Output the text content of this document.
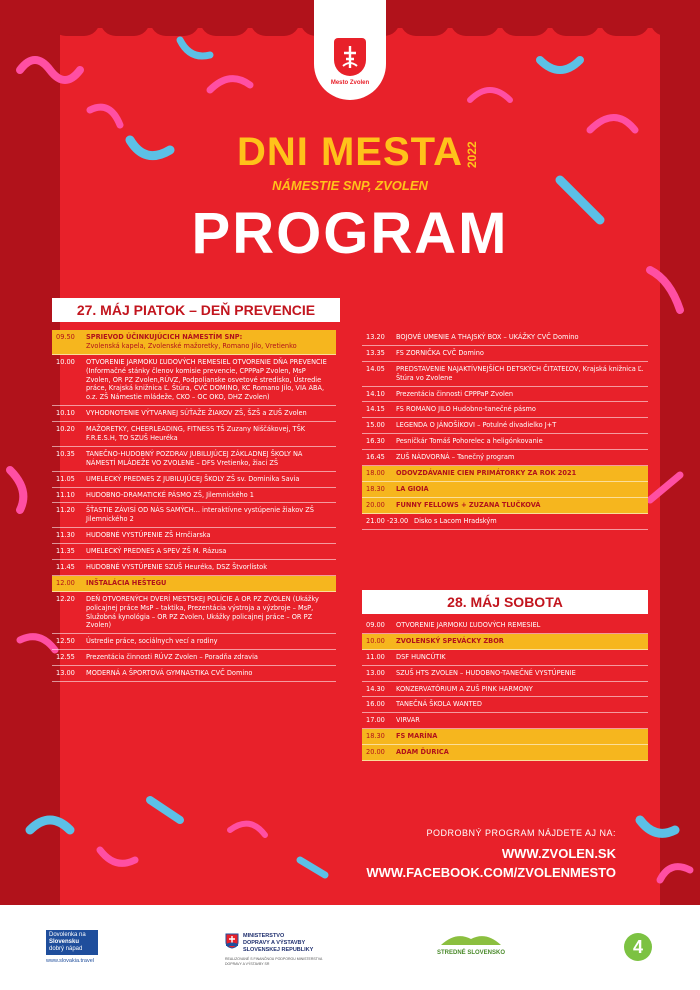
Mesto Zvolen
DNI MESTA 2022
NÁMESTIE SNP, ZVOLEN
PROGRAM
27. MÁJ PIATOK – DEŇ PREVENCIE
09.50	SPRIEVOD ÚČINKUJÚCICH NÁMESTÍM SNP:
Zvolenská kapela, Zvolenské mažoretky, Romano Jilo, Vretienko
10.00	OTVORENIE JARMOKU ĽUDOVÝCH REMESIEL OTVORENIE DŇA PREVENCIE (Informačné stánky členov komisie prevencie, CPPPaP Zvolen, MsP Zvolen, OR PZ Zvolen,RÚVZ, Podpolianske osvetové stredisko, Ústredie práce, Krajská knižnica Ľ. Štúra, CVČ DOMINO, KC Romano Jilo, VIA ABA, o.z. ZŠ Námestie mládeže, CKO – OC OKO, DHZ Zvolen)
10.10	VYHODNOTENIE VÝTVARNEJ SÚŤAŽE ŽIAKOV ZŠ, ŠZŠ a ZUŠ Zvolen
10.20	MAŽORETKY, CHEERLEADING, FITNESS TŠ Zuzany Niščákovej, TŠK F.R.E.S.H, TO SZUŠ Heuréka
10.35	TANEČNO-HUDOBNÝ POZDRAV JUBILUJÚCEJ ZÁKLADNEJ ŠKOLY NA NÁMESTÍ MLÁDEŽE VO ZVOLENE – DFS Vretienko, žiaci ZŠ
11.05	UMELECKÝ PREDNES Z JUBILUJÚCEJ ŠKOLY ZŠ sv. Dominika Savia
11.10	HUDOBNO-DRAMATICKÉ PÁSMO ZŠ, Jilemnického 1
11.20	ŠŤASTIE ZÁVISÍ OD NÁS SAMÝCH... interaktívne vystúpenie žiakov ZŠ Jilemnického 2
11.30	HUDOBNÉ VYSTÚPENIE ZŠ Hrnčiarska
11.35	UMELECKÝ PREDNES A SPEV ZŠ M. Rázusa
11.45	HUDOBNÉ VYSTÚPENIE SZUŠ Heuréka, DSZ Štvorlístok
12.00	INŠTALÁCIA HEŠTEGU
12.20	DEŇ OTVORENÝCH DVERÍ MESTSKEJ POLÍCIE A OR PZ ZVOLEN (Ukážky policajnej práce MsP – taktika, Prezentácia výstroja a výzbroje – MsP, Služobná kynológia – OR PZ Zvolen, Ukážky policajnej práce – OR PZ Zvolen)
12.50	Ústredie práce, sociálnych vecí a rodiny
12.55	Prezentácia činnosti RÚVZ Zvolen – Poradňa zdravia
13.00	MODERNÁ A ŠPORTOVÁ GYMNASTIKA CVČ Domino
13.20	BOJOVÉ UMENIE A THAJSKÝ BOX – UKÁŽKY CVČ Domino
13.35	FS ZORNIČKA CVČ Domino
14.05	PREDSTAVENIE NAJAKTÍVNEJŠÍCH DETSKÝCH ČITATEĽOV, Krajská knižnica Ľ. Štúra vo Zvolene
14.10	Prezentácia činnosti CPPPaP Zvolen
14.15	FS ROMANO JILO Hudobno-tanečné pásmo
15.00	LEGENDA O JÁNOŠÍKOVI – Potulné divadielko J+T
16.30	Pesničkár Tomáš Pohorelec a heligónkovanie
16.45	ZUŠ NÁDVORNÁ – Tanečný program
18.00	ODOVZDÁVANIE CIEN PRIMÁTORKY ZA ROK 2021
18.30	LA GIOIA
20.00	FUNNY FELLOWS + ZUZANA TLUČKOVÁ
21.00 -23.00 Disko s Lacom Hradským
28. MÁJ SOBOTA
09.00	OTVORENIE JARMOKU ĽUDOVÝCH REMESIEL
10.00	ZVOLENSKÝ SPEVÁCKY ZBOR
11.00	DSF HUNCÚTIK
13.00	SZUŠ HTS ZVOLEN – HUDOBNO-TANEČNÉ VYSTÚPENIE
14.30	KONZERVATÓRIUM A ZUŠ PINK HARMONY
16.00	TANEČNÁ ŠKOLA WANTED
17.00	VIRVAR
18.30	FS MARÍNA
20.00	ADAM ĎURICA
PODROBNÝ PROGRAM NÁJDETE AJ NA:
WWW.ZVOLEN.SK
WWW.FACEBOOK.COM/ZVOLENMESTO
Dovolenka na
Slovensku
dobrý nápad
www.slovakia.travel
MINISTERSTVO
DOPRAVY A VÝSTAVBY
SLOVENSKEJ REPUBLIKY
REALIZOVANÉ S FINANČNOU PODPOROU MINISTERSTVA DOPRAVY A VÝSTAVBY SR
STREDNÉ SLOVENSKO	4
